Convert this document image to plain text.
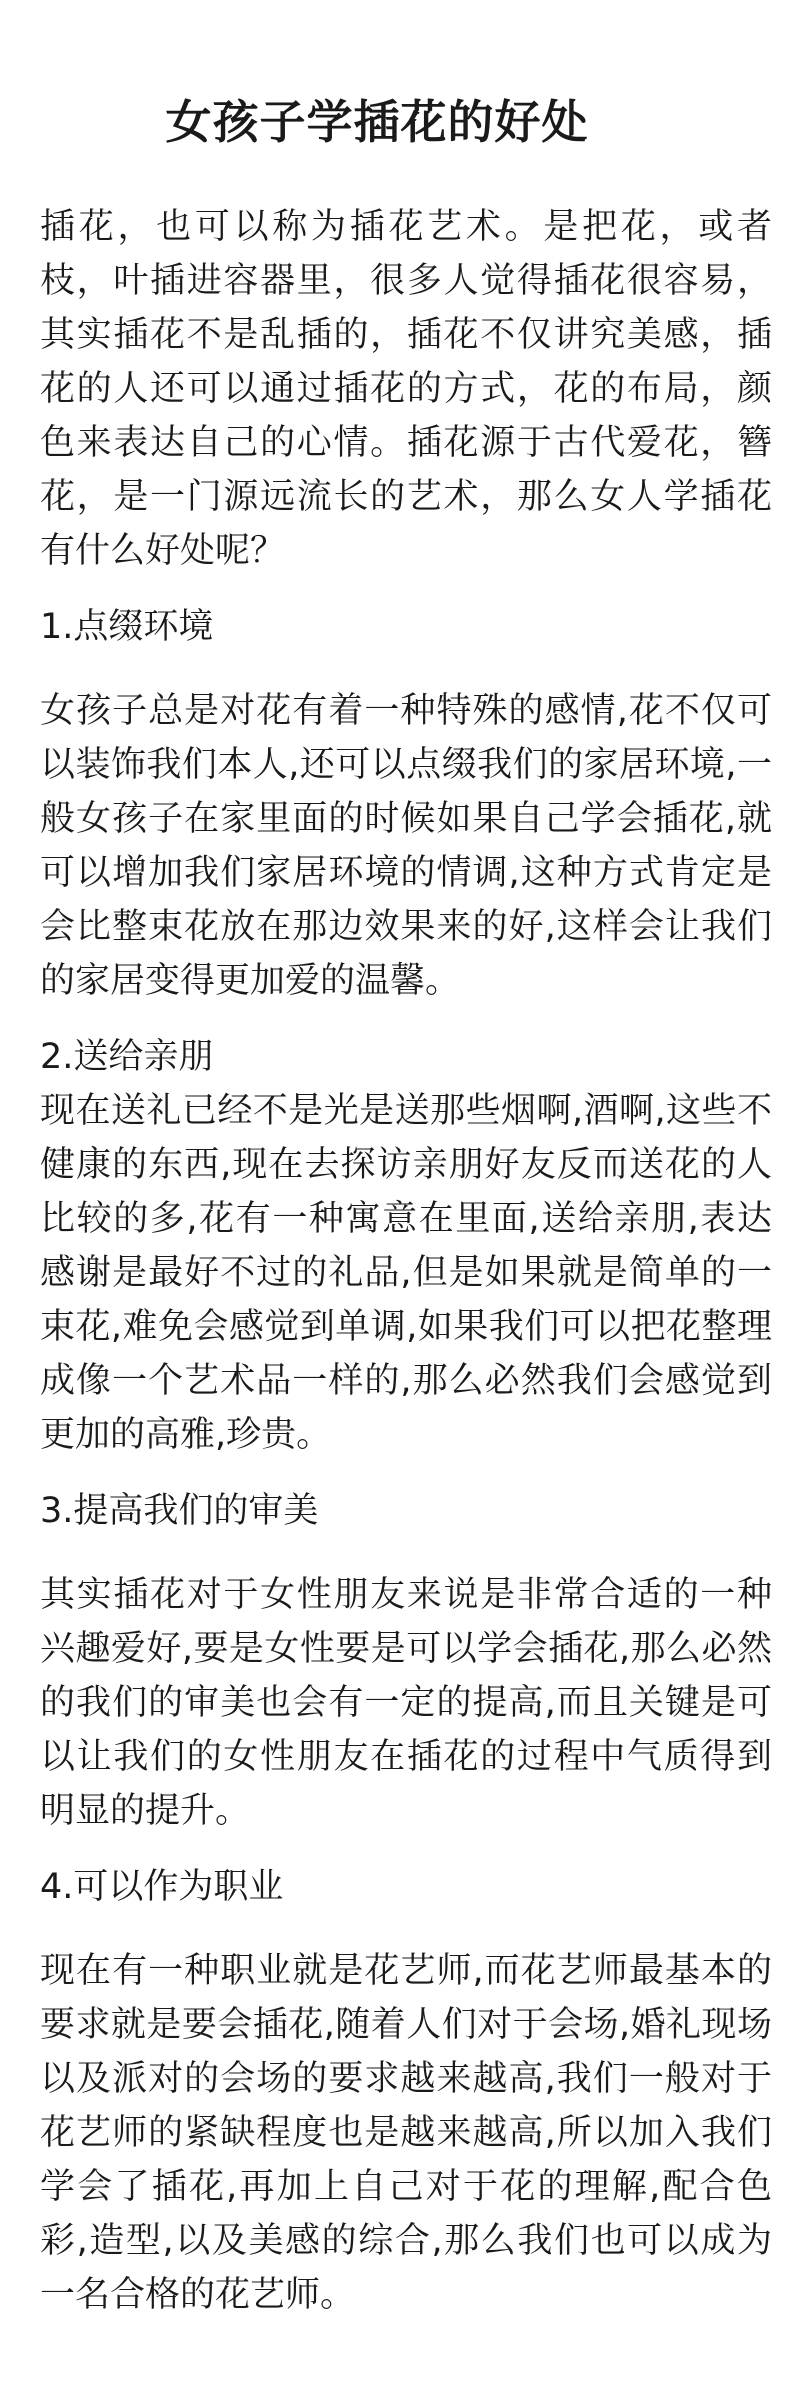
女孩子学插花的好处

插花，也可以称为插花艺术。是把花，或者枝，叶插进容器里，很多人觉得插花很容易，其实插花不是乱插的，插花不仅讲究美感，插花的人还可以通过插花的方式，花的布局，颜色来表达自己的心情。插花源于古代爱花，簪花，是一门源远流长的艺术，那么女人学插花有什么好处呢？

1.点缀环境

女孩子总是对花有着一种特殊的感情,花不仅可以装饰我们本人,还可以点缀我们的家居环境,一般女孩子在家里面的时候如果自己学会插花,就可以增加我们家居环境的情调,这种方式肯定是会比整束花放在那边效果来的好,这样会让我们的家居变得更加爱的温馨。

2.送给亲朋

现在送礼已经不是光是送那些烟啊,酒啊,这些不健康的东西,现在去探访亲朋好友反而送花的人比较的多,花有一种寓意在里面,送给亲朋,表达感谢是最好不过的礼品,但是如果就是简单的一束花,难免会感觉到单调,如果我们可以把花整理成像一个艺术品一样的,那么必然我们会感觉到更加的高雅,珍贵。

3.提高我们的审美

其实插花对于女性朋友来说是非常合适的一种兴趣爱好,要是女性要是可以学会插花,那么必然的我们的审美也会有一定的提高,而且关键是可以让我们的女性朋友在插花的过程中气质得到明显的提升。

4.可以作为职业

现在有一种职业就是花艺师,而花艺师最基本的要求就是要会插花,随着人们对于会场,婚礼现场以及派对的会场的要求越来越高,我们一般对于花艺师的紧缺程度也是越来越高,所以加入我们学会了插花,再加上自己对于花的理解,配合色彩,造型,以及美感的综合,那么我们也可以成为一名合格的花艺师。
